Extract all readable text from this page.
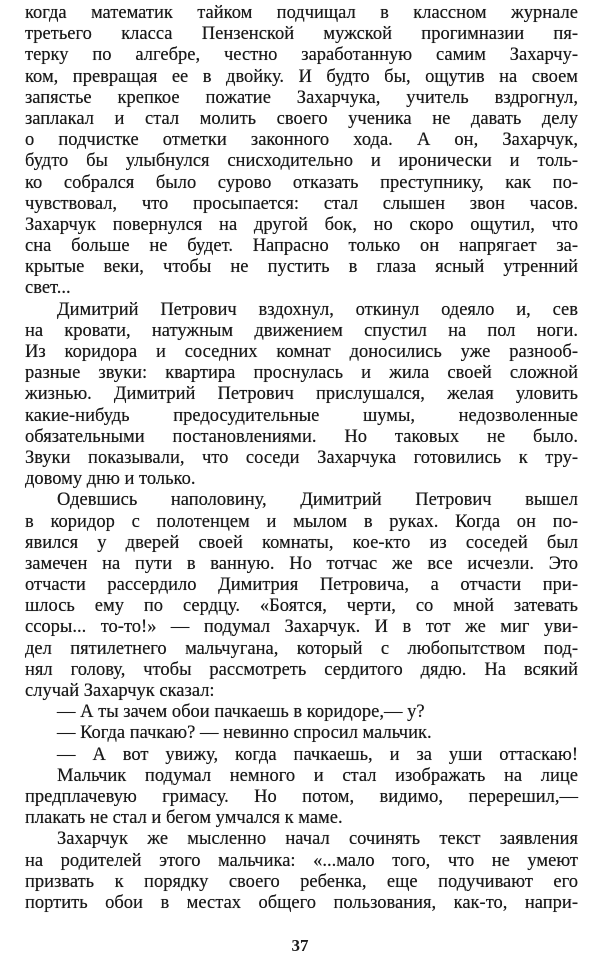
когда математик тайком подчищал в классном журнале
третьего класса Пензенской мужской прогимназии пя-
терку по алгебре, честно заработанную самим Захарчу-
ком, превращая ее в двойку. И будто бы, ощутив на своем
запястье крепкое пожатие Захарчука, учитель вздрогнул,
заплакал и стал молить своего ученика не давать делу
о подчистке отметки законного хода. А он, Захарчук,
будто бы улыбнулся снисходительно и иронически и толь-
ко собрался было сурово отказать преступнику, как по-
чувствовал, что просыпается: стал слышен звон часов.
Захарчук повернулся на другой бок, но скоро ощутил, что
сна больше не будет. Напрасно только он напрягает за-
крытые веки, чтобы не пустить в глаза ясный утренний
свет...
Димитрий Петрович вздохнул, откинул одеяло и, сев
на кровати, натужным движением спустил на пол ноги.
Из коридора и соседних комнат доносились уже разнооб-
разные звуки: квартира проснулась и жила своей сложной
жизнью. Димитрий Петрович прислушался, желая уловить
какие-нибудь предосудительные шумы, недозволенные
обязательными постановлениями. Но таковых не было.
Звуки показывали, что соседи Захарчука готовились к тру-
довому дню и только.
Одевшись наполовину, Димитрий Петрович вышел
в коридор с полотенцем и мылом в руках. Когда он по-
явился у дверей своей комнаты, кое-кто из соседей был
замечен на пути в ванную. Но тотчас же все исчезли. Это
отчасти рассердило Димитрия Петровича, а отчасти при-
шлось ему по сердцу. «Боятся, черти, со мной затевать
ссоры... то-то!» — подумал Захарчук. И в тот же миг уви-
дел пятилетнего мальчугана, который с любопытством под-
нял голову, чтобы рассмотреть сердитого дядю. На всякий
случай Захарчук сказал:
— А ты зачем обои пачкаешь в коридоре,— у?
— Когда пачкаю? — невинно спросил мальчик.
— А вот увижу, когда пачкаешь, и за уши оттаскаю!
Мальчик подумал немного и стал изображать на лице
предплачевую гримасу. Но потом, видимо, перерешил,—
плакать не стал и бегом умчался к маме.
Захарчук же мысленно начал сочинять текст заявления
на родителей этого мальчика: «...мало того, что не умеют
призвать к порядку своего ребенка, еще подучивают его
портить обои в местах общего пользования, как-то, напри-
37
